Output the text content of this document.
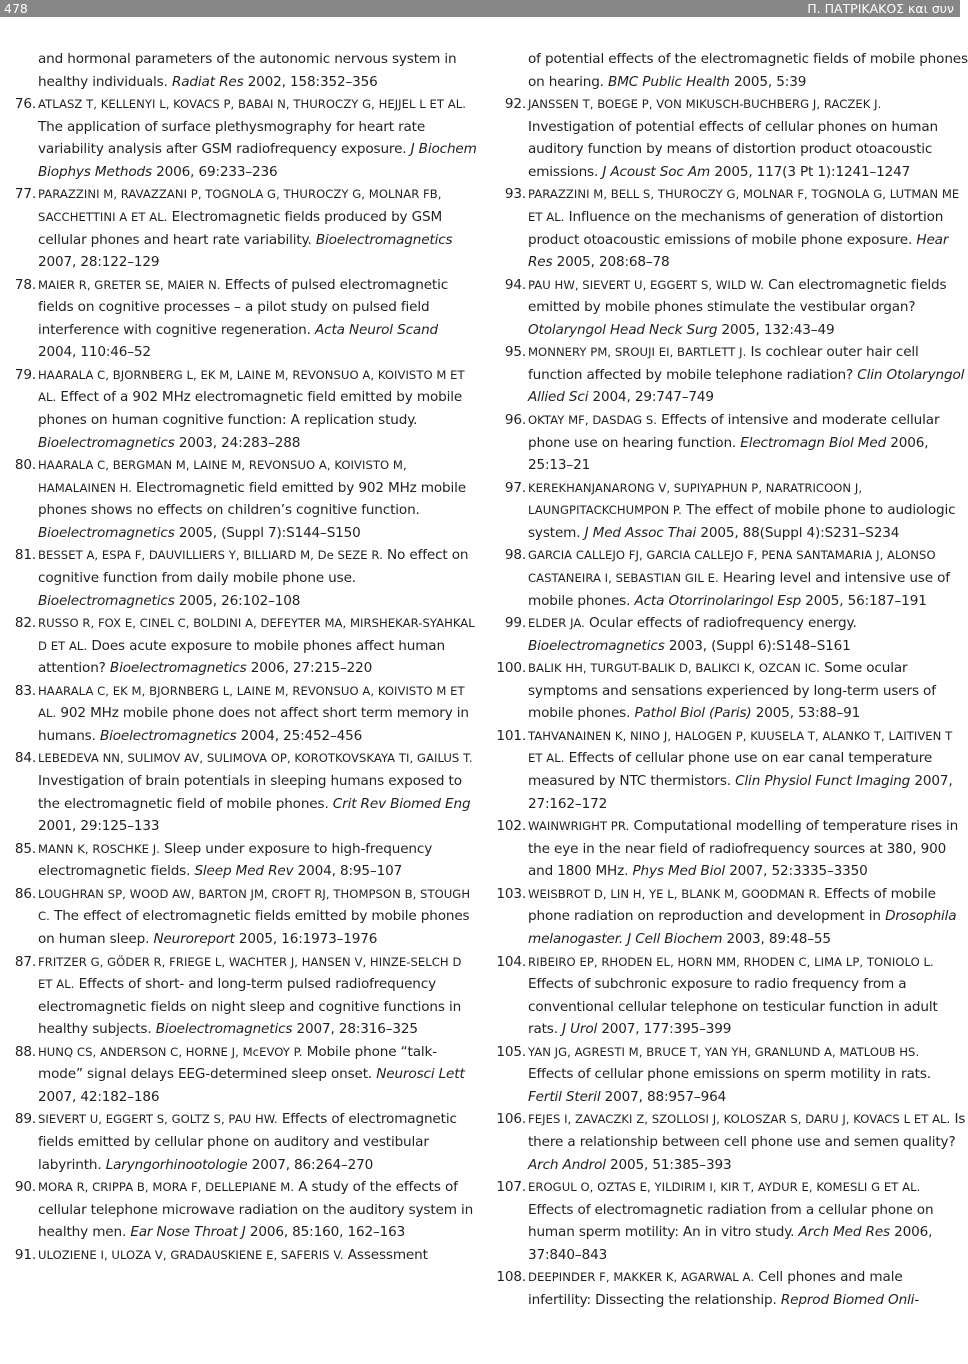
478	Π. ΠΑΤΡΙΚΑΚΟΣ και συν
and hormonal parameters of the autonomic nervous system in healthy individuals. Radiat Res 2002, 158:352–356
76. ATLASZ T, KELLENYI L, KOVACS P, BABAI N, THUROCZY G, HEJJEL L ET AL. The application of surface plethysmography for heart rate variability analysis after GSM radiofrequency exposure. J Biochem Biophys Methods 2006, 69:233–236
77. PARAZZINI M, RAVAZZANI P, TOGNOLA G, THUROCZY G, MOLNAR FB, SACCHETTINI A ET AL. Electromagnetic fields produced by GSM cellular phones and heart rate variability. Bioelectromagnetics 2007, 28:122–129
78. MAIER R, GRETER SE, MAIER N. Effects of pulsed electromagnetic fields on cognitive processes – a pilot study on pulsed field interference with cognitive regeneration. Acta Neurol Scand 2004, 110:46–52
79. HAARALA C, BJORNBERG L, EK M, LAINE M, REVONSUO A, KOIVISTO M ET AL. Effect of a 902 MHz electromagnetic field emitted by mobile phones on human cognitive function: A replication study. Bioelectromagnetics 2003, 24:283–288
80. HAARALA C, BERGMAN M, LAINE M, REVONSUO A, KOIVISTO M, HAMALAINEN H. Electromagnetic field emitted by 902 MHz mobile phones shows no effects on children’s cognitive function. Bioelectromagnetics 2005, (Suppl 7):S144–S150
81. BESSET A, ESPA F, DAUVILLIERS Y, BILLIARD M, De SEZE R. No effect on cognitive function from daily mobile phone use. Bioelectromagnetics 2005, 26:102–108
82. RUSSO R, FOX E, CINEL C, BOLDINI A, DEFEYTER MA, MIRSHEKAR-SYAHKAL D ET AL. Does acute exposure to mobile phones affect human attention? Bioelectromagnetics 2006, 27:215–220
83. HAARALA C, EK M, BJORNBERG L, LAINE M, REVONSUO A, KOIVISTO M ET AL. 902 MHz mobile phone does not affect short term memory in humans. Bioelectromagnetics 2004, 25:452–456
84. LEBEDEVA NN, SULIMOV AV, SULIMOVA OP, KOROTKOVSKAYA TI, GAILUS T. Investigation of brain potentials in sleeping humans exposed to the electromagnetic field of mobile phones. Crit Rev Biomed Eng 2001, 29:125–133
85. MANN K, ROSCHKE J. Sleep under exposure to high-frequency electromagnetic fields. Sleep Med Rev 2004, 8:95–107
86. LOUGHRAN SP, WOOD AW, BARTON JM, CROFT RJ, THOMPSON B, STOUGH C. The effect of electromagnetic fields emitted by mobile phones on human sleep. Neuroreport 2005, 16:1973–1976
87. FRITZER G, GÖDER R, FRIEGE L, WACHTER J, HANSEN V, HINZE-SELCH D ET AL. Effects of short- and long-term pulsed radiofrequency electromagnetic fields on night sleep and cognitive functions in healthy subjects. Bioelectromagnetics 2007, 28:316–325
88. HUNQ CS, ANDERSON C, HORNE J, McEVOY P. Mobile phone “talk-mode” signal delays EEG-determined sleep onset. Neurosci Lett 2007, 42:182–186
89. SIEVERT U, EGGERT S, GOLTZ S, PAU HW. Effects of electromagnetic fields emitted by cellular phone on auditory and vestibular labyrinth. Laryngorhinootologie 2007, 86:264–270
90. MORA R, CRIPPA B, MORA F, DELLEPIANE M. A study of the effects of cellular telephone microwave radiation on the auditory system in healthy men. Ear Nose Throat J 2006, 85:160, 162–163
91. ULOZIENE I, ULOZA V, GRADAUSKIENE E, SAFERIS V. Assessment
of potential effects of the electromagnetic fields of mobile phones on hearing. BMC Public Health 2005, 5:39
92. JANSSEN T, BOEGE P, VON MIKUSCH-BUCHBERG J, RACZEK J. Investigation of potential effects of cellular phones on human auditory function by means of distortion product otoacoustic emissions. J Acoust Soc Am 2005, 117(3 Pt 1):1241–1247
93. PARAZZINI M, BELL S, THUROCZY G, MOLNAR F, TOGNOLA G, LUTMAN ME ET AL. Influence on the mechanisms of generation of distortion product otoacoustic emissions of mobile phone exposure. Hear Res 2005, 208:68–78
94. PAU HW, SIEVERT U, EGGERT S, WILD W. Can electromagnetic fields emitted by mobile phones stimulate the vestibular organ? Otolaryngol Head Neck Surg 2005, 132:43–49
95. MONNERY PM, SROUJI EI, BARTLETT J. Is cochlear outer hair cell function affected by mobile telephone radiation? Clin Otolaryngol Allied Sci 2004, 29:747–749
96. OKTAY MF, DASDAG S. Effects of intensive and moderate cellular phone use on hearing function. Electromagn Biol Med 2006, 25:13–21
97. KEREKHANJANARONG V, SUPIYAPHUN P, NARATRICOON J, LAUNGPITACKCHUMPON P. The effect of mobile phone to audiologic system. J Med Assoc Thai 2005, 88(Suppl 4):S231–S234
98. GARCIA CALLEJO FJ, GARCIA CALLEJO F, PENA SANTAMARIA J, ALONSO CASTANEIRA I, SEBASTIAN GIL E. Hearing level and intensive use of mobile phones. Acta Otorrinolaringol Esp 2005, 56:187–191
99. ELDER JA. Ocular effects of radiofrequency energy. Bioelectromagnetics 2003, (Suppl 6):S148–S161
100. BALIK HH, TURGUT-BALIK D, BALIKCI K, OZCAN IC. Some ocular symptoms and sensations experienced by long-term users of mobile phones. Pathol Biol (Paris) 2005, 53:88–91
101. TAHVANAINEN K, NINO J, HALOGEN P, KUUSELA T, ALANKO T, LAITIVEN T ET AL. Effects of cellular phone use on ear canal temperature measured by NTC thermistors. Clin Physiol Funct Imaging 2007, 27:162–172
102. WAINWRIGHT PR. Computational modelling of temperature rises in the eye in the near field of radiofrequency sources at 380, 900 and 1800 MHz. Phys Med Biol 2007, 52:3335–3350
103. WEISBROT D, LIN H, YE L, BLANK M, GOODMAN R. Effects of mobile phone radiation on reproduction and development in Drosophila melanogaster. J Cell Biochem 2003, 89:48–55
104. RIBEIRO EP, RHODEN EL, HORN MM, RHODEN C, LIMA LP, TONIOLO L. Effects of subchronic exposure to radio frequency from a conventional cellular telephone on testicular function in adult rats. J Urol 2007, 177:395–399
105. YAN JG, AGRESTI M, BRUCE T, YAN YH, GRANLUND A, MATLOUB HS. Effects of cellular phone emissions on sperm motility in rats. Fertil Steril 2007, 88:957–964
106. FEJES I, ZAVACZKI Z, SZOLLOSI J, KOLOSZAR S, DARU J, KOVACS L ET AL. Is there a relationship between cell phone use and semen quality? Arch Androl 2005, 51:385–393
107. EROGUL O, OZTAS E, YILDIRIM I, KIR T, AYDUR E, KOMESLI G ET AL. Effects of electromagnetic radiation from a cellular phone on human sperm motility: An in vitro study. Arch Med Res 2006, 37:840–843
108. DEEPINDER F, MAKKER K, AGARWAL A. Cell phones and male infertility: Dissecting the relationship. Reprod Biomed Onli-
